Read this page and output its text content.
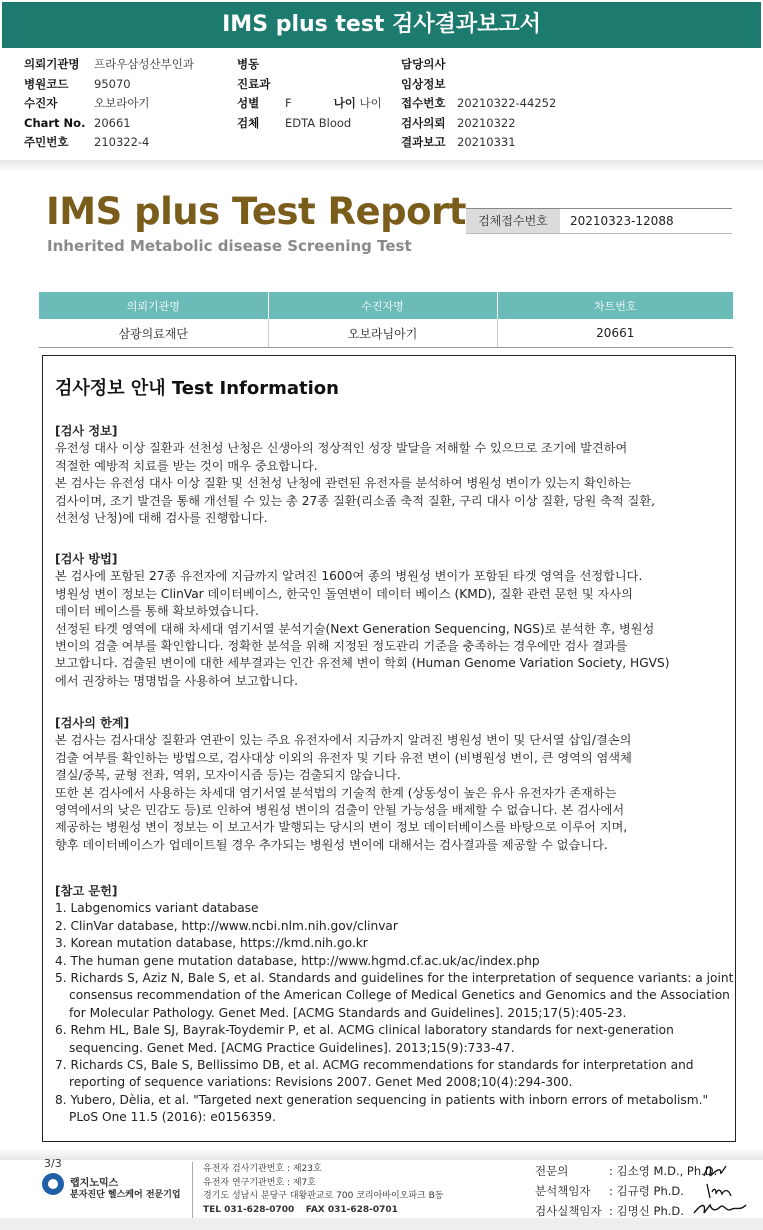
IMS plus test 검사결과보고서
의뢰기관명 프라우삼성산부인과
병원코드 95070
수진자	오보라아기
Chart No. 20661
주민번호 210322-4
병동
진료과
성별 F	나이 나이
검체 EDTA Blood
담당의사
임상정보
접수번호 20210322-44252
검사의뢰 20210322
결과보고 20210331
IMS plus Test Report
Inherited Metabolic disease Screening Test
검체접수번호	20210323-12088
의뢰기관명	수진자명	차트번호
삼광의료재단	오보라님아기	20661
검사정보 안내 Test Information

[검사 정보]

유전성 대사 이상 질환과 선천성 난청은 신생아의 정상적인 성장 발달을 저해할 수 있으므로 조기에 발견하여

적절한 예방적 치료를 받는 것이 매우 중요합니다.

본 검사는 유전성 대사 이상 질환 및 선천성 난청에 관련된 유전자를 분석하여 병원성 변이가 있는지 확인하는

검사이며, 조기 발견을 통해 개선될 수 있는 총 27종 질환(리소좀 축적 질환, 구리 대사 이상 질환, 당원 축적 질환,

선천성 난청)에 대해 검사를 진행합니다.

[검사 방법]

본 검사에 포함된 27종 유전자에 지금까지 알려진 1600여 종의 병원성 변이가 포함된 타겟 영역을 선정합니다.

병원성 변이 정보는 ClinVar 데이터베이스, 한국인 돌연변이 데이터 베이스 (KMD), 질환 관련 문헌 및 자사의

데이터 베이스를 통해 확보하였습니다.

선정된 타겟 영역에 대해 차세대 염기서열 분석기술(Next Generation Sequencing, NGS)로 분석한 후, 병원성

변이의 검출 여부를 확인합니다. 정확한 분석을 위해 지정된 정도관리 기준을 충족하는 경우에만 검사 결과를

보고합니다. 검출된 변이에 대한 세부결과는 인간 유전체 변이 학회 (Human Genome Variation Society, HGVS)

에서 권장하는 명명법을 사용하여 보고합니다.

[검사의 한계]

본 검사는 검사대상 질환과 연관이 있는 주요 유전자에서 지금까지 알려진 병원성 변이 및 단서열 삽입/결손의

검출 여부를 확인하는 방법으로, 검사대상 이외의 유전자 및 기타 유전 변이 (비병원성 변이, 큰 영역의 염색체

결실/중복, 균형 전좌, 역위, 모자이시즘 등)는 검출되지 않습니다.

또한 본 검사에서 사용하는 차세대 염기서열 분석법의 기술적 한계 (상동성이 높은 유사 유전자가 존재하는

영역에서의 낮은 민감도 등)로 인하여 병원성 변이의 검출이 안될 가능성을 배제할 수 없습니다. 본 검사에서

제공하는 병원성 변이 정보는 이 보고서가 발행되는 당시의 변이 정보 데이터베이스를 바탕으로 이루어 지며,

향후 데이터베이스가 업데이트될 경우 추가되는 병원성 변이에 대해서는 검사결과를 제공할 수 없습니다.

[참고 문헌]

1. Labgenomics variant database
2. ClinVar database, http://www.ncbi.nlm.nih.gov/clinvar
3. Korean mutation database, https://kmd.nih.go.kr
4. The human gene mutation database, http://www.hgmd.cf.ac.uk/ac/index.php
5. Richards S, Aziz N, Bale S, et al. Standards and guidelines for the interpretation of sequence variants: a joint consensus recommendation of the American College of Medical Genetics and Genomics and the Association for Molecular Pathology. Genet Med. [ACMG Standards and Guidelines]. 2015;17(5):405-23.
6. Rehm HL, Bale SJ, Bayrak-Toydemir P, et al. ACMG clinical laboratory standards for next-generation sequencing. Genet Med. [ACMG Practice Guidelines]. 2013;15(9):733-47.
7. Richards CS, Bale S, Bellissimo DB, et al. ACMG recommendations for standards for interpretation and reporting of sequence variations: Revisions 2007. Genet Med 2008;10(4):294-300.
8. Yubero, Dèlia, et al. "Targeted next generation sequencing in patients with inborn errors of metabolism." PLoS One 11.5 (2016): e0156359.
3/3
랩지노믹스
분자진단 헬스케어 전문기업
유전자 검사기관번호 : 제23호
유전자 연구기관번호 : 제7호
경기도 성남시 분당구 대왕판교로 700 코리아바이오파크 B동
TEL 031-628-0700 FAX 031-628-0701
전문의	: 김소영 M.D., Ph.D.
분석책임자 : 김규령 Ph.D.
검사실책임자 : 김명신 Ph.D.
